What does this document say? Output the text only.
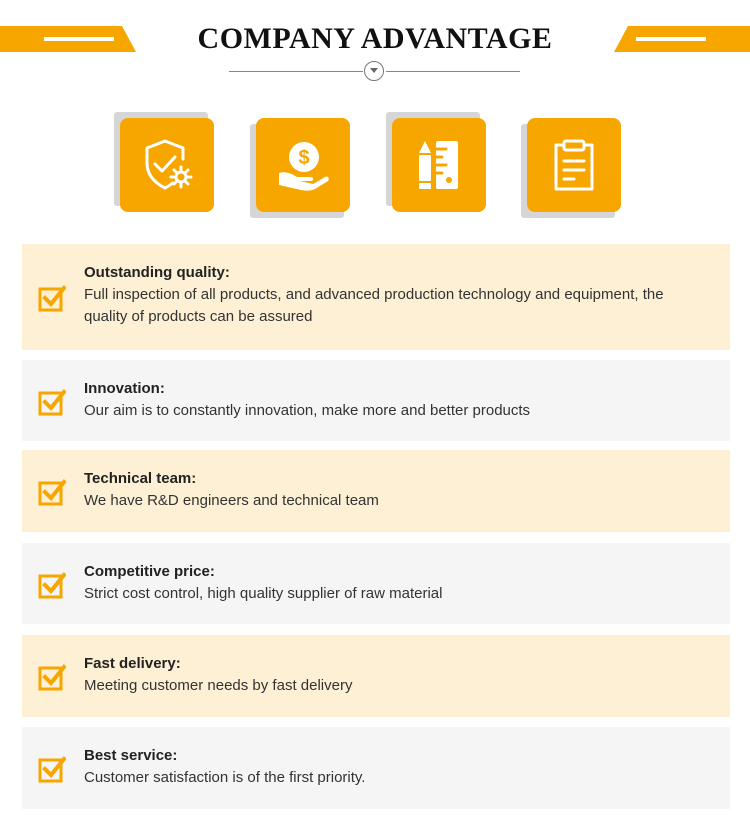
COMPANY ADVANTAGE
$
Outstanding quality:
Full inspection of all products, and advanced production technology and equipment, the quality of products can be assured
Innovation:
Our aim is to constantly innovation, make more and better products
Technical team:
We have R&D engineers and technical team
Competitive price:
Strict cost control, high quality supplier of raw material
Fast delivery:
Meeting customer needs by fast delivery
Best service:
Customer satisfaction is of the first priority.
